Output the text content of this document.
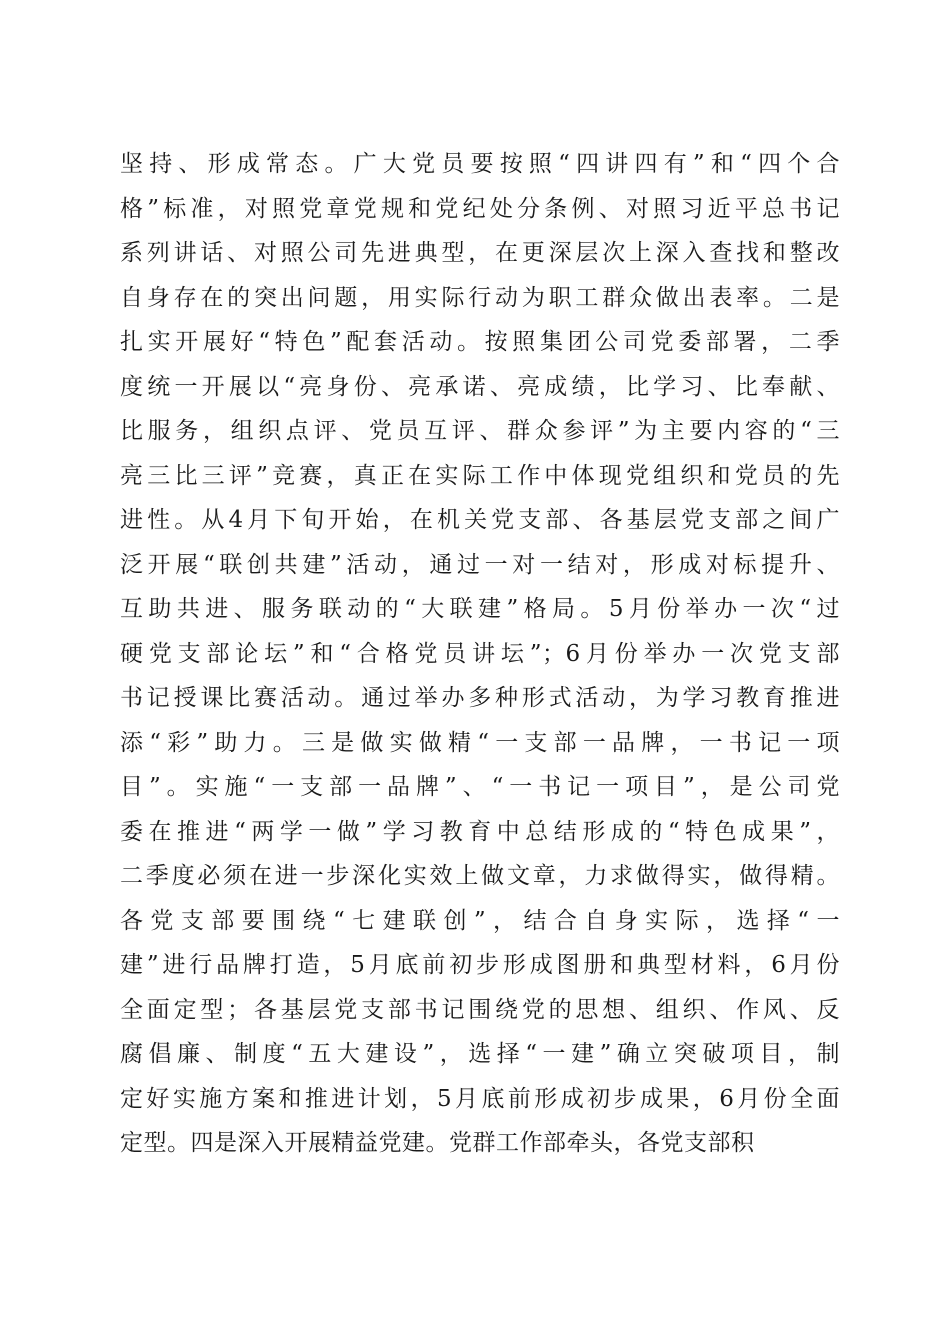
坚持、形成常态。广大党员要按照“四讲四有”和“四个合
格”标准，对照党章党规和党纪处分条例、对照习近平总书记
系列讲话、对照公司先进典型，在更深层次上深入查找和整改
自身存在的突出问题，用实际行动为职工群众做出表率。二是
扎实开展好“特色”配套活动。按照集团公司党委部署，二季
度统一开展以“亮身份、亮承诺、亮成绩，比学习、比奉献、
比服务，组织点评、党员互评、群众参评”为主要内容的“三
亮三比三评”竞赛，真正在实际工作中体现党组织和党员的先
进性。从4月下旬开始，在机关党支部、各基层党支部之间广
泛开展“联创共建”活动，通过一对一结对，形成对标提升、
互助共进、服务联动的“大联建”格局。5月份举办一次“过
硬党支部论坛”和“合格党员讲坛”；6月份举办一次党支部
书记授课比赛活动。通过举办多种形式活动，为学习教育推进
添“彩”助力。三是做实做精“一支部一品牌，一书记一项
目”。实施“一支部一品牌”、“一书记一项目”，是公司党
委在推进“两学一做”学习教育中总结形成的“特色成果”，
二季度必须在进一步深化实效上做文章，力求做得实，做得精。
各党支部要围绕“七建联创”，结合自身实际，选择“一
建”进行品牌打造，5月底前初步形成图册和典型材料，6月份
全面定型；各基层党支部书记围绕党的思想、组织、作风、反
腐倡廉、制度“五大建设”，选择“一建”确立突破项目，制
定好实施方案和推进计划，5月底前形成初步成果，6月份全面
定型。四是深入开展精益党建。党群工作部牵头，各党支部积
